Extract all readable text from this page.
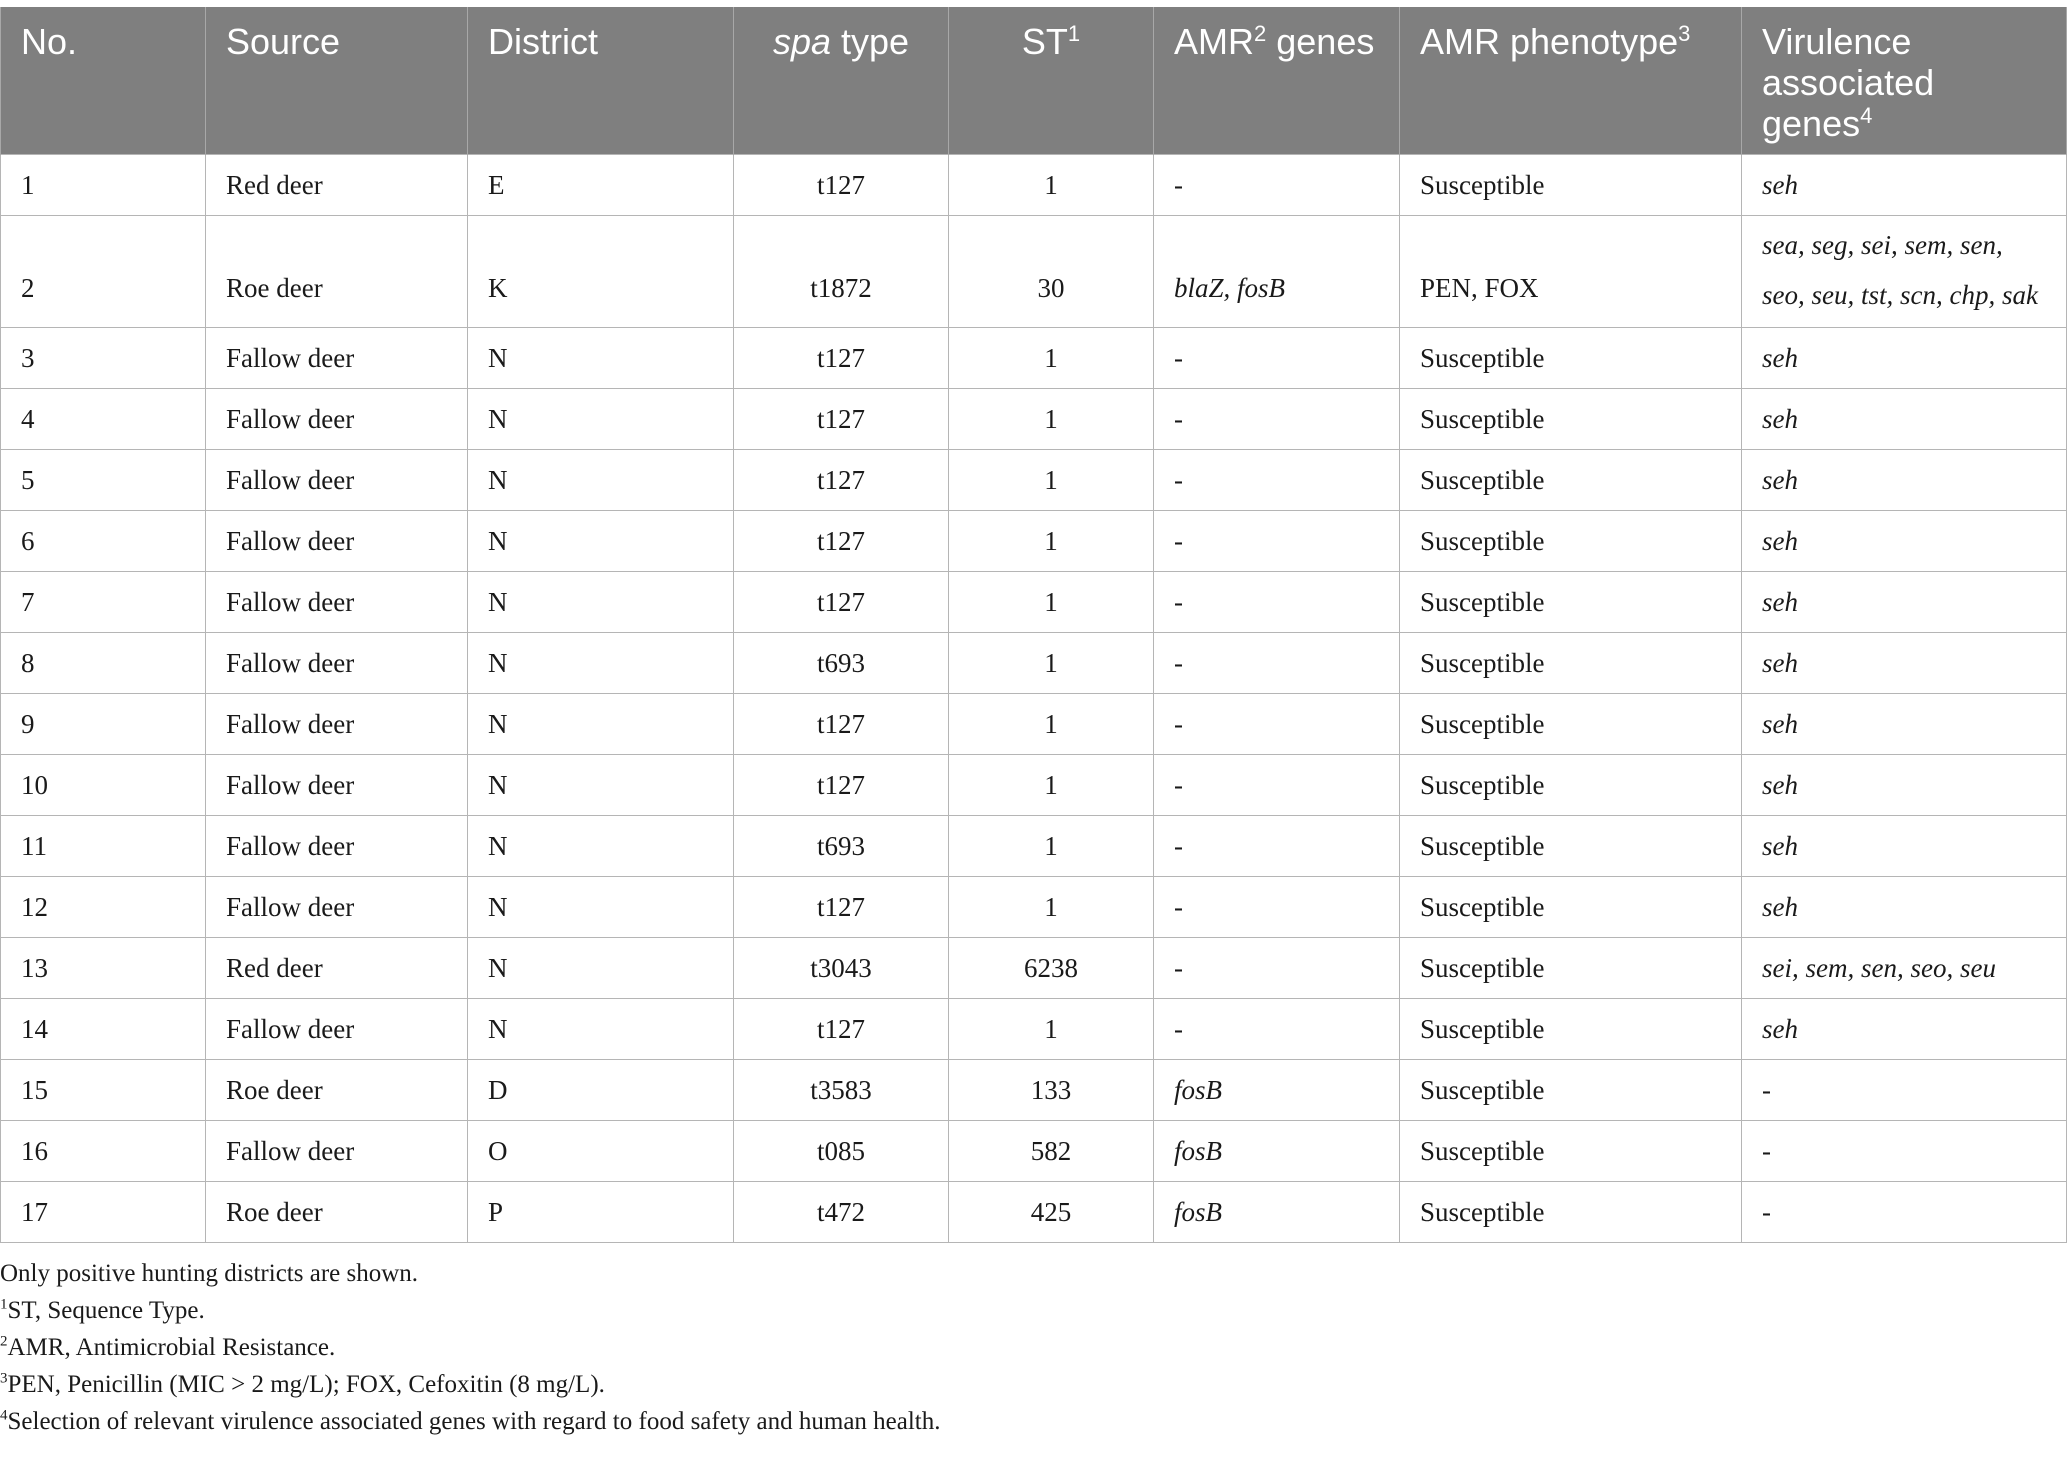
No.	Source	District	spa type	$ST^1$	AMR$^2$ genes	AMR phenotype$^3$	Virulence associated genes$^4$
1	Red deer	E	t127	1	-	Susceptible	seh
2	Roe deer	K	t1872	30	blaZ, fosB	PEN, FOX	sea, seg, sei, sem, sen, seo, seu, tst, scn, chp, sak
3	Fallow deer	N	t127	1	-	Susceptible	seh
4	Fallow deer	N	t127	1	-	Susceptible	seh
5	Fallow deer	N	t127	1	-	Susceptible	seh
6	Fallow deer	N	t127	1	-	Susceptible	seh
7	Fallow deer	N	t127	1	-	Susceptible	seh
8	Fallow deer	N	t693	1	-	Susceptible	seh
9	Fallow deer	N	t127	1	-	Susceptible	seh
10	Fallow deer	N	t127	1	-	Susceptible	seh
11	Fallow deer	N	t693	1	-	Susceptible	seh
12	Fallow deer	N	t127	1	-	Susceptible	seh
13	Red deer	N	t3043	6238	-	Susceptible	sei, sem, sen, seo, seu
14	Fallow deer	N	t127	1	-	Susceptible	seh
15	Roe deer	D	t3583	133	fosB	Susceptible	-
16	Fallow deer	O	t085	582	fosB	Susceptible	-
17	Roe deer	P	t472	425	fosB	Susceptible	-
Only positive hunting districts are shown.
$^1$ST, Sequence Type.
$^2$AMR, Antimicrobial Resistance.
$^3$PEN, Penicillin (MIC > 2 mg/L); FOX, Cefoxitin (8 mg/L).
$^4$Selection of relevant virulence associated genes with regard to food safety and human health.
